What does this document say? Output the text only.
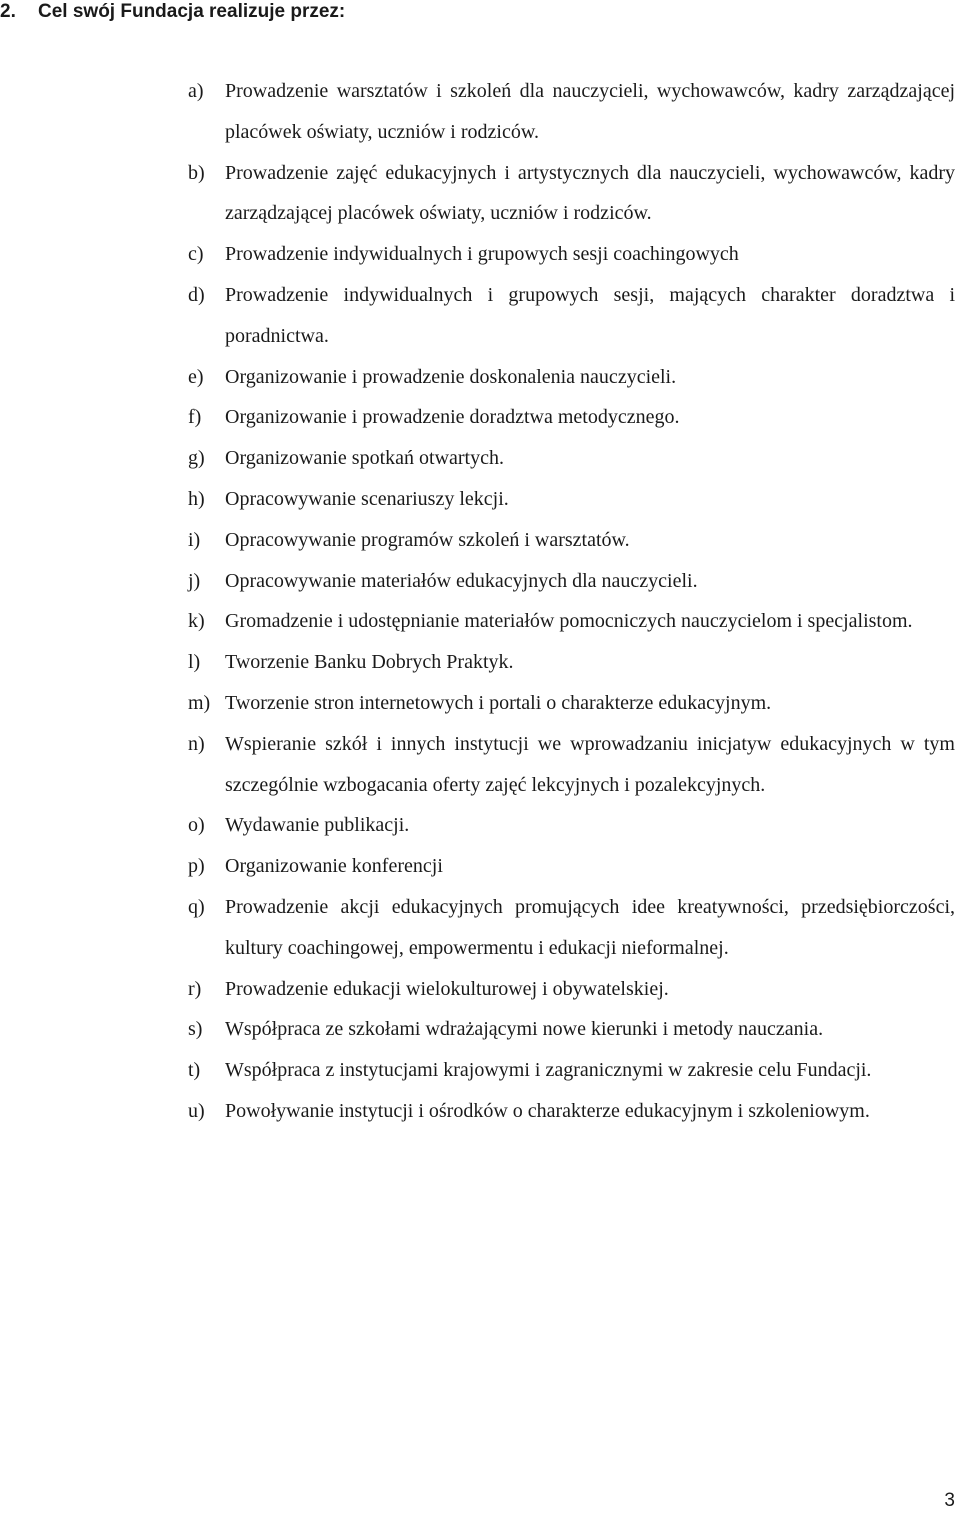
2. Cel swój Fundacja realizuje przez:
a)	Prowadzenie warsztatów i szkoleń dla nauczycieli, wychowawców, kadry zarządzającej placówek oświaty, uczniów i rodziców.
b)	Prowadzenie zajęć edukacyjnych i artystycznych dla nauczycieli, wychowawców, kadry zarządzającej placówek oświaty, uczniów i rodziców.
c)	Prowadzenie indywidualnych i grupowych sesji coachingowych
d)	Prowadzenie indywidualnych i grupowych sesji, mających charakter doradztwa i poradnictwa.
e)	Organizowanie i prowadzenie doskonalenia nauczycieli.
f)	Organizowanie i prowadzenie doradztwa metodycznego.
g)	Organizowanie spotkań otwartych.
h)	Opracowywanie scenariuszy lekcji.
i)	Opracowywanie programów szkoleń i warsztatów.
j)	Opracowywanie materiałów edukacyjnych dla nauczycieli.
k)	Gromadzenie i udostępnianie materiałów pomocniczych nauczycielom i specjalistom.
l)	Tworzenie Banku Dobrych Praktyk.
m) Tworzenie stron internetowych i portali o charakterze edukacyjnym.
n)	Wspieranie szkół i innych instytucji we wprowadzaniu inicjatyw edukacyjnych w tym szczególnie wzbogacania oferty zajęć lekcyjnych i pozalekcyjnych.
o)	Wydawanie publikacji.
p)	Organizowanie konferencji
q)	Prowadzenie akcji edukacyjnych promujących idee kreatywności, przedsiębiorczości, kultury coachingowej, empowermentu i edukacji nieformalnej.
r)	Prowadzenie edukacji wielokulturowej i obywatelskiej.
s)	Współpraca ze szkołami wdrażającymi nowe kierunki i metody nauczania.
t)	Współpraca z instytucjami krajowymi i zagranicznymi w zakresie celu Fundacji.
u)	Powoływanie instytucji i ośrodków o charakterze edukacyjnym i szkoleniowym.
3
